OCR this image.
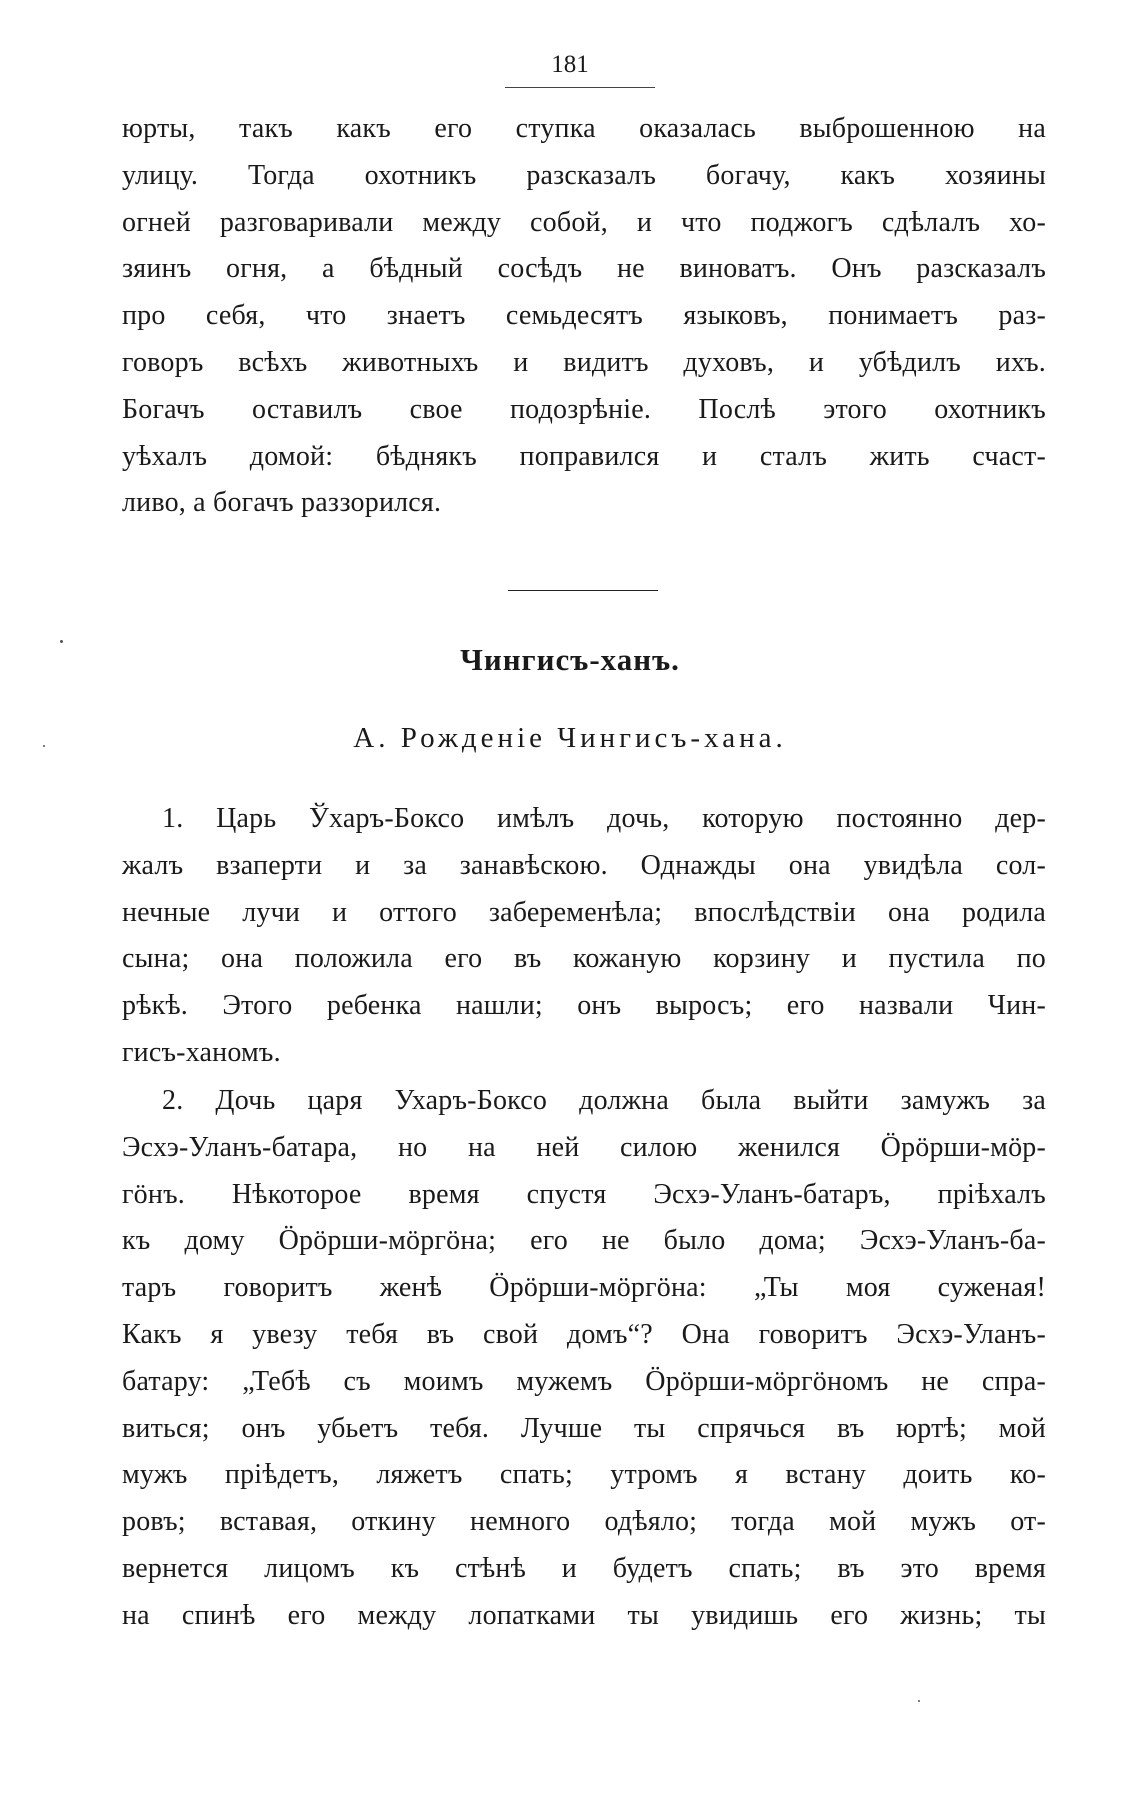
181
юрты, такъ какъ его ступка оказалась выброшенною на
улицу. Тогда охотникъ разсказалъ богачу, какъ хозяины
огней разговаривали между собой, и что поджогъ сдѣлалъ хо-
зяинъ огня, а бѣдный сосѣдъ не виноватъ. Онъ разсказалъ
про себя, что знаетъ семьдесятъ языковъ, понимаетъ раз-
говоръ всѣхъ животныхъ и видитъ духовъ, и убѣдилъ ихъ.
Богачъ оставилъ свое подозрѣніе. Послѣ этого охотникъ
уѣхалъ домой: бѣднякъ поправился и сталъ жить счаст-
ливо, а богачъ раззорился.
Чингисъ-ханъ.
А. Рожденіе Чингисъ-хана.
1. Царь Ўхаръ-Боксо имѣлъ дочь, которую постоянно дер-
жалъ взаперти и за занавѣскою. Однажды она увидѣла сол-
нечные лучи и оттого забеременѣла; впослѣдствіи она родила
сына; она положила его въ кожаную корзину и пустила по
рѣкѣ. Этого ребенка нашли; онъ выросъ; его назвали Чин-
гисъ-ханомъ.
2. Дочь царя Ухаръ-Боксо должна была выйти замужъ за
Эсхэ-Уланъ-батара, но на ней силою женился Ӧрӧрши-мӧр-
гӧнъ. Нѣкоторое время спустя Эсхэ-Уланъ-батаръ, пріѣхалъ
къ дому Ӧрӧрши-мӧргӧна; его не было дома; Эсхэ-Уланъ-ба-
таръ говоритъ женѣ Ӧрӧрши-мӧргӧна: „Ты моя суженая!
Какъ я увезу тебя въ свой домъ“? Она говоритъ Эсхэ-Уланъ-
батару: „Тебѣ съ моимъ мужемъ Ӧрӧрши-мӧргӧномъ не спра-
виться; онъ убьетъ тебя. Лучше ты спрячься въ юртѣ; мой
мужъ пріѣдетъ, ляжетъ спать; утромъ я встану доить ко-
ровъ; вставая, откину немного одѣяло; тогда мой мужъ от-
вернется лицомъ къ стѣнѣ и будетъ спать; въ это время
на спинѣ его между лопатками ты увидишь его жизнь; ты
